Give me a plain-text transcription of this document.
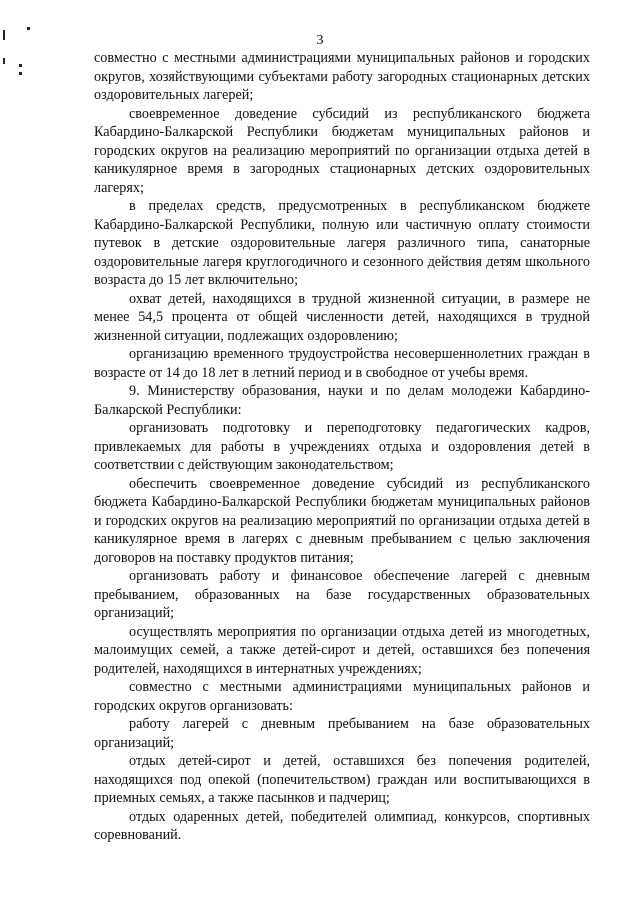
3

совместно с местными администрациями муниципальных районов и городских округов, хозяйствующими субъектами работу загородных стационарных детских оздоровительных лагерей;

своевременное доведение субсидий из республиканского бюджета Кабардино-Балкарской Республики бюджетам муниципальных районов и городских округов на реализацию мероприятий по организации отдыха детей в каникулярное время в загородных стационарных детских оздоровительных лагерях;

в пределах средств, предусмотренных в республиканском бюджете Кабардино-Балкарской Республики, полную или частичную оплату стоимости путевок в детские оздоровительные лагеря различного типа, санаторные оздоровительные лагеря круглогодичного и сезонного действия детям школьного возраста до 15 лет включительно;

охват детей, находящихся в трудной жизненной ситуации, в размере не менее 54,5 процента от общей численности детей, находящихся в трудной жизненной ситуации, подлежащих оздоровлению;

организацию временного трудоустройства несовершеннолетних граждан в возрасте от 14 до 18 лет в летний период и в свободное от учебы время.

9. Министерству образования, науки и по делам молодежи Кабардино-Балкарской Республики:

организовать подготовку и переподготовку педагогических кадров, привлекаемых для работы в учреждениях отдыха и оздоровления детей в соответствии с действующим законодательством;

обеспечить своевременное доведение субсидий из республиканского бюджета Кабардино-Балкарской Республики бюджетам муниципальных районов и городских округов на реализацию мероприятий по организации отдыха детей в каникулярное время в лагерях с дневным пребыванием с целью заключения договоров на поставку продуктов питания;

организовать работу и финансовое обеспечение лагерей с дневным пребыванием, образованных на базе государственных образовательных организаций;

осуществлять мероприятия по организации отдыха детей из многодетных, малоимущих семей, а также детей-сирот и детей, оставшихся без попечения родителей, находящихся в интернатных учреждениях;

совместно с местными администрациями муниципальных районов и городских округов организовать:

работу лагерей с дневным пребыванием на базе образовательных организаций;

отдых детей-сирот и детей, оставшихся без попечения родителей, находящихся под опекой (попечительством) граждан или воспитывающихся в приемных семьях, а также пасынков и падчериц;

отдых одаренных детей, победителей олимпиад, конкурсов, спортивных соревнований.
